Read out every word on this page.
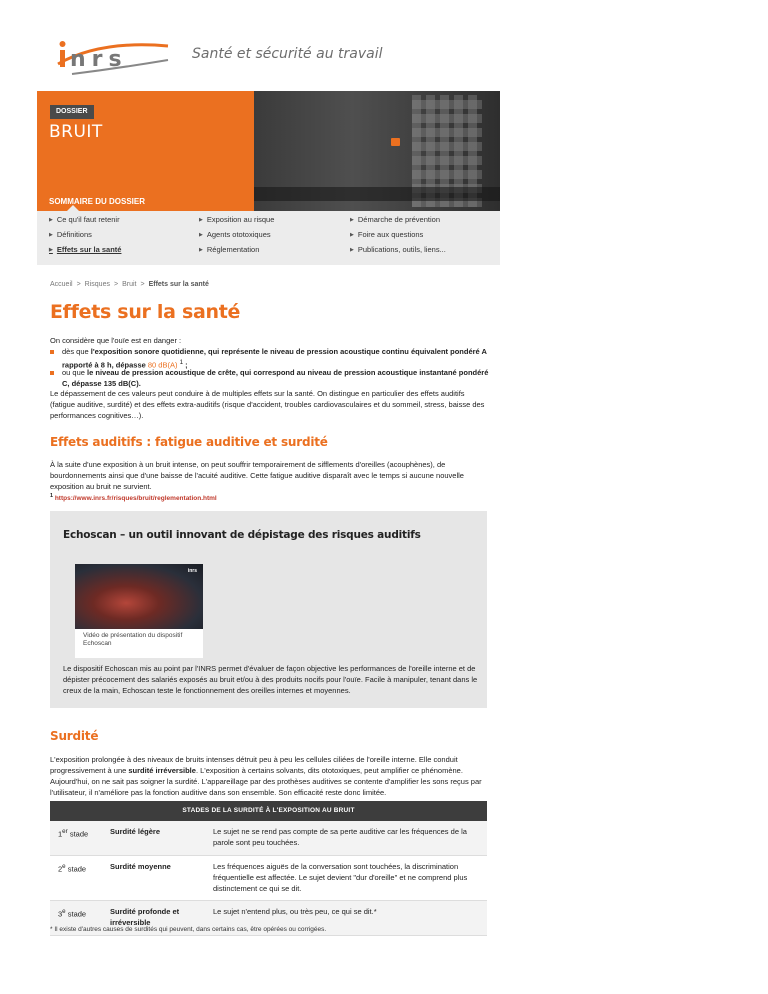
nrs	Santé et sécurité au travail
DOSSIER
BRUIT
SOMMAIRE DU DOSSIER
▶ Ce qu'il faut retenir	▶ Exposition au risque	▶ Démarche de prévention
▶ Définitions	▶ Agents ototoxiques	▶ Foire aux questions
▶ Effets sur la santé	▶ Réglementation	▶ Publications, outils, liens...
Accueil > Risques > Bruit > Effets sur la santé
Effets sur la santé
On considère que l'ouïe est en danger :
dès que l'exposition sonore quotidienne, qui représente le niveau de pression acoustique continu équivalent pondéré A rapporté à 8 h, dépasse 80 dB(A) $^1$ ;
ou que le niveau de pression acoustique de crête, qui correspond au niveau de pression acoustique instantané pondéré C, dépasse 135 dB(C).
Le dépassement de ces valeurs peut conduire à de multiples effets sur la santé. On distingue en particulier des effets auditifs (fatigue auditive, surdité) et des effets extra-auditifs (risque d'accident, troubles cardiovasculaires et du sommeil, stress, baisse des performances cognitives…).
Effets auditifs : fatigue auditive et surdité
À la suite d'une exposition à un bruit intense, on peut souffrir temporairement de sifflements d'oreilles (acouphènes), de bourdonnements ainsi que d'une baisse de l'acuité auditive. Cette fatigue auditive disparaît avec le temps si aucune nouvelle exposition au bruit ne survient.
$^1$ https://www.inrs.fr/risques/bruit/reglementation.html
Echoscan – un outil innovant de dépistage des risques auditifs
inrs
Vidéo de présentation du dispositif Echoscan
Le dispositif Echoscan mis au point par l'INRS permet d'évaluer de façon objective les performances de l'oreille interne et de dépister précocement des salariés exposés au bruit et/ou à des produits nocifs pour l'ouïe. Facile à manipuler, tenant dans le creux de la main, Echoscan teste le fonctionnement des oreilles internes et moyennes.
Surdité
L'exposition prolongée à des niveaux de bruits intenses détruit peu à peu les cellules ciliées de l'oreille interne. Elle conduit progressivement à une surdité irréversible. L'exposition à certains solvants, dits ototoxiques, peut amplifier ce phénomène. Aujourd'hui, on ne sait pas soigner la surdité. L'appareillage par des prothèses auditives se contente d'amplifier les sons reçus par l'utilisateur, il n'améliore pas la fonction auditive dans son ensemble. Son efficacité reste donc limitée.
STADES DE LA SURDITÉ À L'EXPOSITION AU BRUIT		
1er stade	Surdité légère	Le sujet ne se rend pas compte de sa perte auditive car les fréquences de la parole sont peu touchées.
2e stade	Surdité moyenne	Les fréquences aiguës de la conversation sont touchées, la discrimination fréquentielle est affectée. Le sujet devient "dur d'oreille" et ne comprend plus distinctement ce qui se dit.
3e stade	Surdité profonde et irréversible	Le sujet n'entend plus, ou très peu, ce qui se dit.*
* Il existe d'autres causes de surdités qui peuvent, dans certains cas, être opérées ou corrigées.
